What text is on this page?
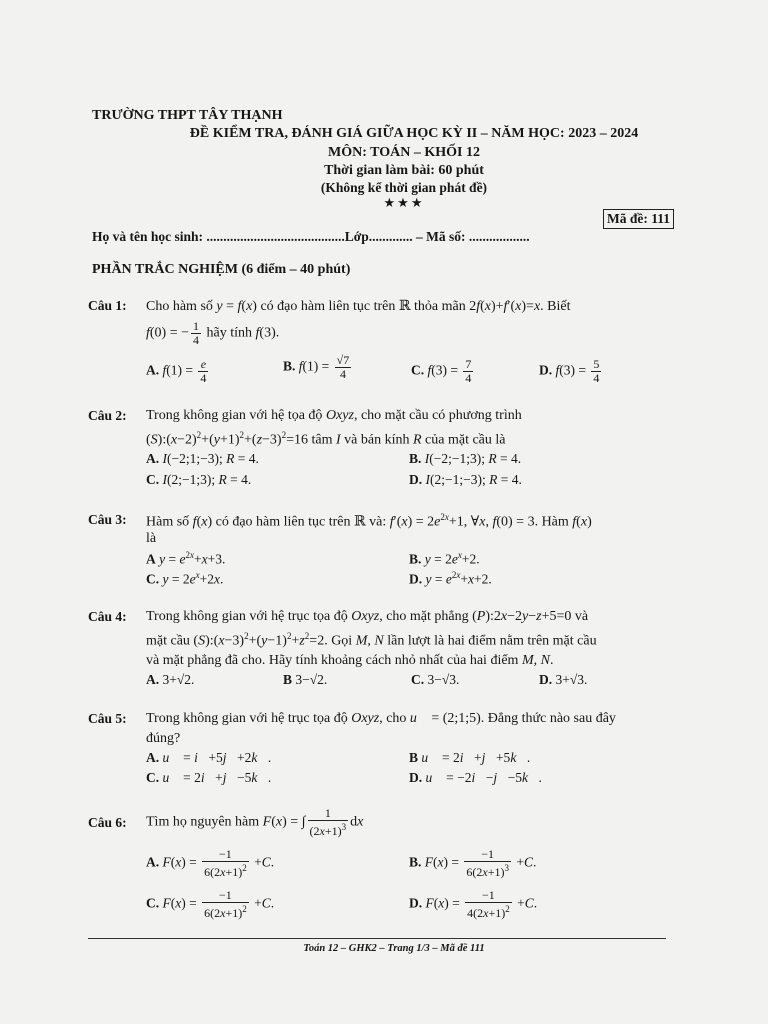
TRƯỜNG THPT TÂY THẠNH
ĐỀ KIỂM TRA, ĐÁNH GIÁ GIỮA HỌC KỲ II – NĂM HỌC: 2023 – 2024
MÔN: TOÁN – KHỐI 12
Thời gian làm bài: 60 phút
(Không kể thời gian phát đề)
★★★
Mã đề: 111
Họ và tên học sinh: .........................................Lớp............. – Mã số: ..................
PHẦN TRẮC NGHIỆM (6 điểm – 40 phút)
Câu 1: Cho hàm số y = f(x) có đạo hàm liên tục trên ℝ thỏa mãn 2f(x)+f′(x)=x. Biết
f(0) = − $\frac{1}{4}$ hãy tính f(3).
A. $f(1) = \frac{e}{4}$	B. $f(1) = \frac{√7}{4}$	C. $f(3) = \frac{7}{4}$	D. $f(3) = \frac{5}{4}$
Câu 2: Trong không gian với hệ tọa độ Oxyz, cho mặt cầu có phương trình
$(S):(x-2)^2+(y+1)^2+(z-3)^2=16$ tâm I và bán kính R của mặt cầu là
A. I(−2;1;−3); R = 4.	B. I(−2;−1;3); R = 4.
C. I(2;−1;3); R = 4.	D. I(2;−1;−3); R = 4.
Câu 3: Hàm số f(x) có đạo hàm liên tục trên ℝ và: $f'(x) = 2e^{2x}+1$, ∀x, f(0) = 3. Hàm f(x)
là
A $y = e^{2x}+x+3$.	B. $y = 2e^x+2$.
C. $y = 2e^x+2x$.	D. $y = e^{2x}+x+2$.
Câu 4: Trong không gian với hệ trục tọa độ Oxyz, cho mặt phẳng (P):2x−2y−z+5=0 và
mặt cầu $(S):(x-3)^2+(y-1)^2+z^2=2$. Gọi M, N lần lượt là hai điểm nằm trên mặt cầu
và mặt phẳng đã cho. Hãy tính khoảng cách nhỏ nhất của hai điểm M, N.
A. 3+√2.	B 3−√2.	C. 3−√3.	D. 3+√3.
Câu 5: Trong không gian với hệ trục tọa độ Oxyz, cho u⃗ = (2;1;5). Đẳng thức nào sau đây
đúng?
A. u⃗ = i⃗+5j⃗+2k⃗.	B u⃗ = 2i⃗+j⃗+5k⃗.
C. u⃗ = 2i⃗+j⃗−5k⃗.	D. u⃗ = −2i⃗−j⃗−5k⃗.
Câu 6: Tìm họ nguyên hàm F(x) = ∫ $\frac{1}{(2x+1)^3}$ dx
A. $F(x) = \frac{-1}{6(2x+1)^2} +C$.	B. $F(x) = \frac{-1}{6(2x+1)^3} +C$.
C. $F(x) = \frac{-1}{6(2x+1)^2} +C$.	D. $F(x) = \frac{-1}{4(2x+1)^2} +C$.
Toán 12 – GHK2 – Trang 1/3 – Mã đề 111
